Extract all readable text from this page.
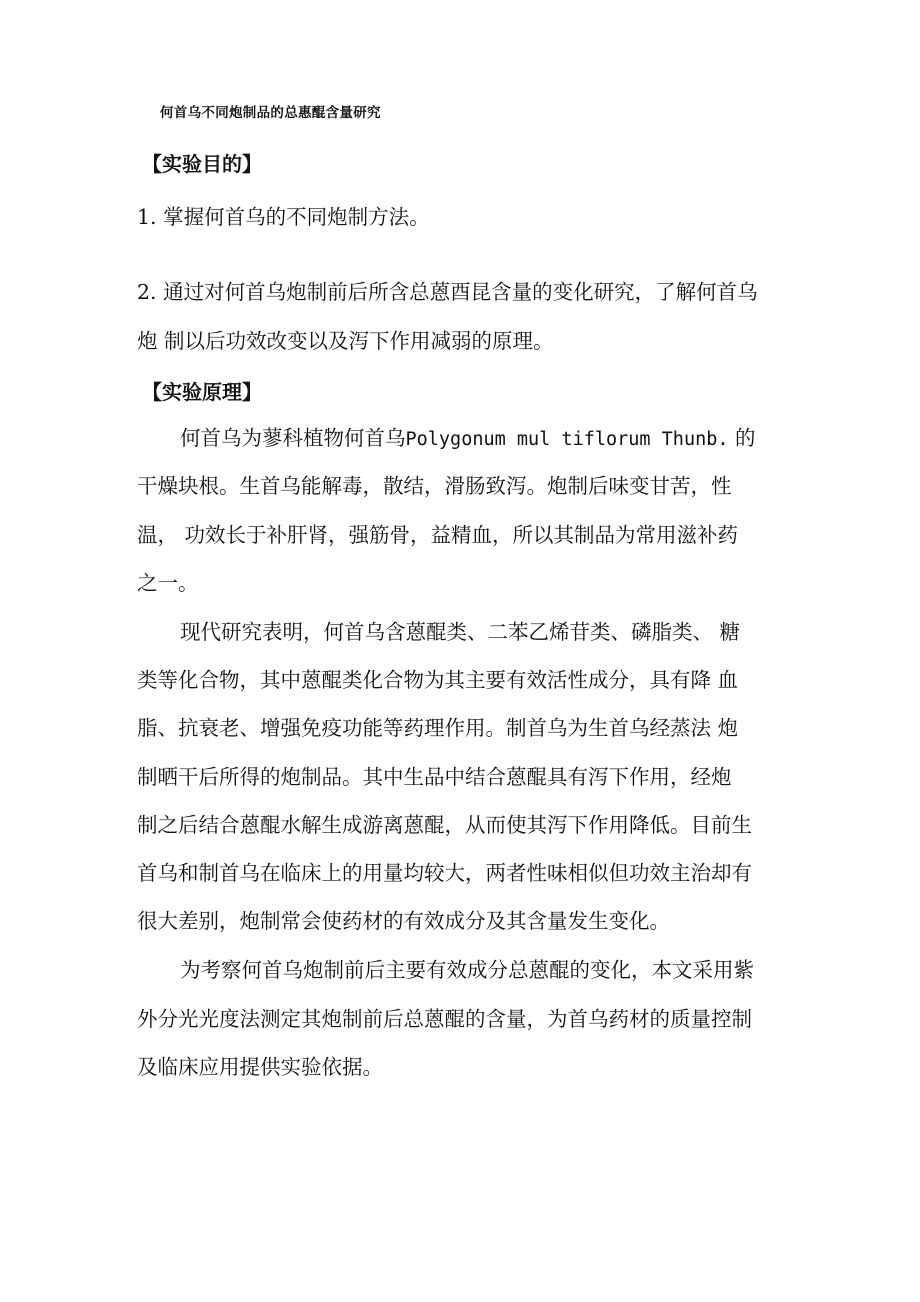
何首乌不同炮制品的总惠醌含量研究
【实验目的】
1. 掌握何首乌的不同炮制方法。
2. 通过对何首乌炮制前后所含总蒽酉昆含量的变化研究，了解何首乌
炮 制以后功效改变以及泻下作用减弱的原理。
【实验原理】
何首乌为蓼科植物何首乌Polygonum mul tiflorum Thunb. 的
干燥块根。生首乌能解毒，散结，滑肠致泻。炮制后味变甘苦，性
温， 功效长于补肝肾，强筋骨，益精血，所以其制品为常用滋补药
之一。
现代研究表明，何首乌含蒽醌类、二苯乙烯苷类、磷脂类、 糖
类等化合物，其中蒽醌类化合物为其主要有效活性成分，具有降 血
脂、抗衰老、增强免疫功能等药理作用。制首乌为生首乌经蒸法 炮
制晒干后所得的炮制品。其中生品中结合蒽醌具有泻下作用，经炮
制之后结合蒽醌水解生成游离蒽醌，从而使其泻下作用降低。目前生
首乌和制首乌在临床上的用量均较大，两者性味相似但功效主治却有
很大差别，炮制常会使药材的有效成分及其含量发生变化。
为考察何首乌炮制前后主要有效成分总蒽醌的变化，本文采用紫
外分光光度法测定其炮制前后总蒽醌的含量，为首乌药材的质量控制
及临床应用提供实验依据。
